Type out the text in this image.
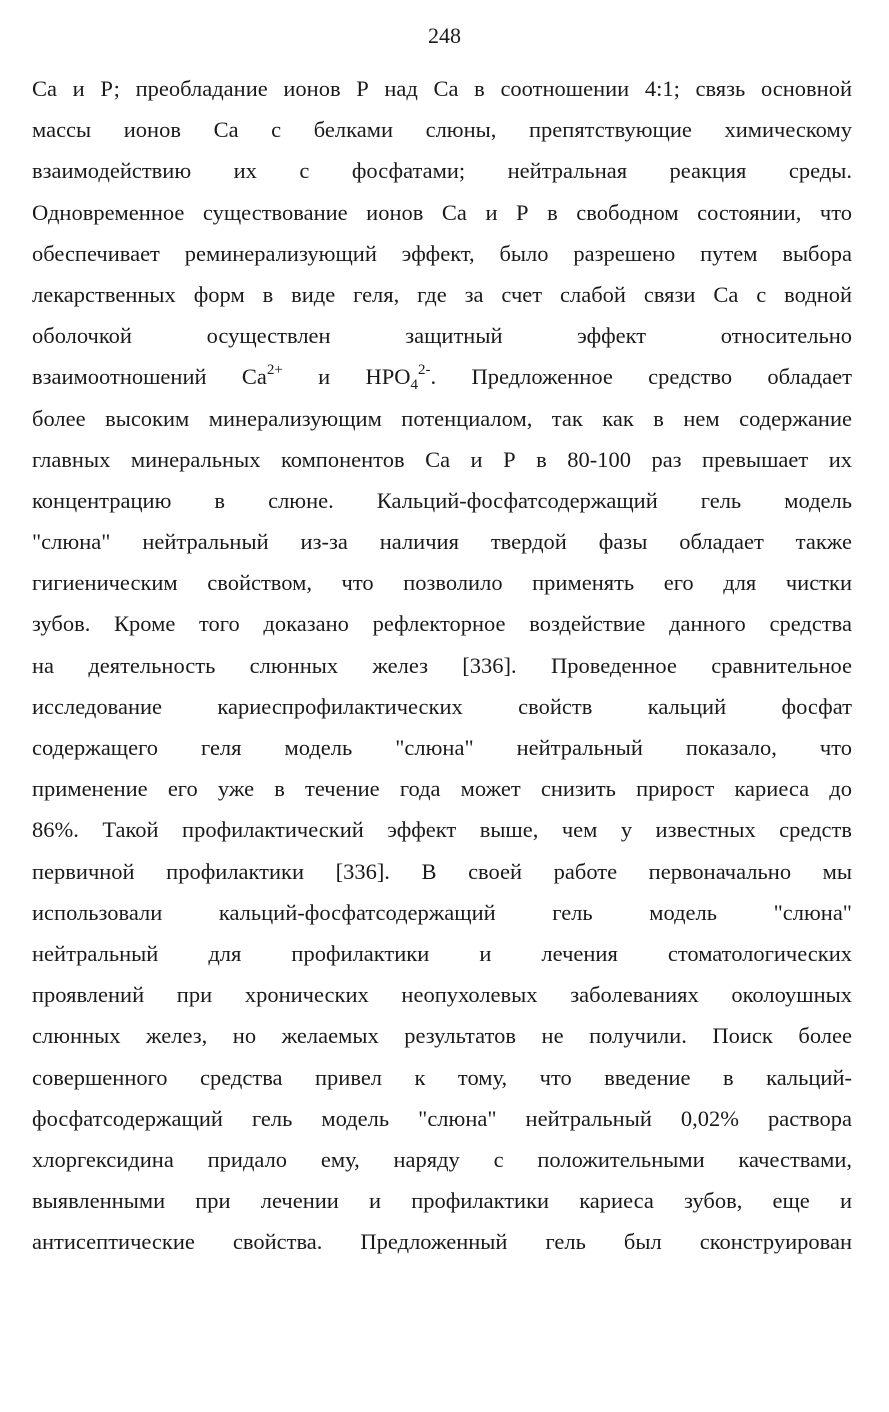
248
Ca и Р; преобладание ионов Р над Ca в соотношении 4:1; связь основной
массы ионов Ca с белками слюны, препятствующие химическому
взаимодействию их с фосфатами; нейтральная реакция среды.
Одновременное существование ионов Ca и Р в свободном состоянии, что
обеспечивает реминерализующий эффект, было разрешено путем выбора
лекарственных форм в виде геля, где за счет слабой связи Ca с водной
оболочкой осуществлен защитный эффект относительно
взаимоотношений $Ca^{2+}$ и $HPO_4^{2-}$. Предложенное средство обладает
более высоким минерализующим потенциалом, так как в нем содержание
главных минеральных компонентов Ca и Р в 80-100 раз превышает их
концентрацию в слюне. Кальций-фосфатсодержащий гель модель
"слюна" нейтральный из-за наличия твердой фазы обладает также
гигиеническим свойством, что позволило применять его для чистки
зубов. Кроме того доказано рефлекторное воздействие данного средства
на деятельность слюнных желез [336]. Проведенное сравнительное
исследование кариеспрофилактических свойств кальций фосфат
содержащего геля модель "слюна" нейтральный показало, что
применение его уже в течение года может снизить прирост кариеса до
86%. Такой профилактический эффект выше, чем у известных средств
первичной профилактики [336]. В своей работе первоначально мы
использовали кальций-фосфатсодержащий гель модель "слюна"
нейтральный для профилактики и лечения стоматологических
проявлений при хронических неопухолевых заболеваниях околоушных
слюнных желез, но желаемых результатов не получили. Поиск более
совершенного средства привел к тому, что введение в кальций-
фосфатсодержащий гель модель "слюна" нейтральный 0,02% раствора
хлоргексидина придало ему, наряду с положительными качествами,
выявленными при лечении и профилактики кариеса зубов, еще и
антисептические свойства. Предложенный гель был сконструирован
